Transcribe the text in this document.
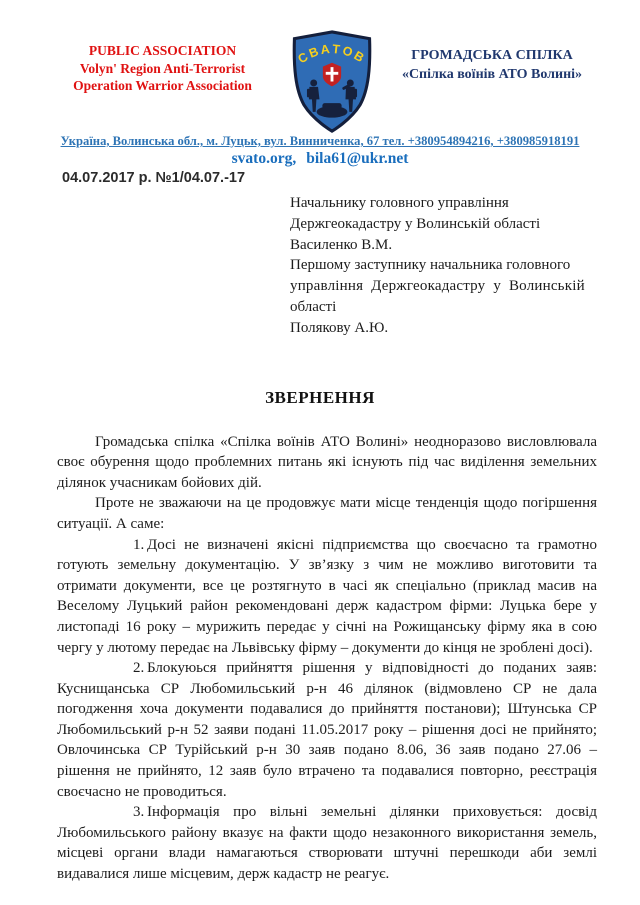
PUBLIC ASSOCIATION
Volyn' Region Anti-Terrorist
Operation Warrior Association
СВАТОВ	ГРОМАДСЬКА СПІЛКА
«Спілка воїнів АТО Волині»
Україна, Волинська обл., м. Луцьк, вул. Винниченка, 67 тел. +380954894216, +380985918191
svato.org, bila61@ukr.net
04.07.2017 р. №1/04.07.-17
Начальнику головного управління
Держгеокадастру у Волинській області
Василенко В.М.
Першому заступнику начальника головного
управління Держгеокадастру у Волинській
області
Полякову А.Ю.
ЗВЕРНЕННЯ

Громадська спілка «Спілка воїнів АТО Волині» неодноразово висловлювала своє обурення щодо проблемних питань які існують під час виділення земельних ділянок учасникам бойових дій.

Проте не зважаючи на це продовжує мати місце тенденція щодо погіршення ситуації. А саме:

1. Досі не визначені якісні підприємства що своєчасно та грамотно готують земельну документацію. У зв’язку з чим не можливо виготовити та отримати документи, все це розтягнуто в часі як спеціально (приклад масив на Веселому Луцький район рекомендовані держ кадастром фірми: Луцька бере у листопаді 16 року – мурижить передає у січні на Рожищанську фірму яка в сою чергу у лютому передає на Львівську фірму – документи до кінця не зроблені досі).

2. Блокуюься прийняття рішення у відповідності до поданих заяв: Куснищанська СР Любомильський р-н 46 ділянок (відмовлено СР не дала погодження хоча документи подавалися до прийняття постанови); Штунська СР Любомильський р-н 52 заяви подані 11.05.2017 року – рішення досі не прийнято; Овлочинська СР Турійський р-н 30 заяв подано 8.06, 36 заяв подано 27.06 – рішення не прийнято, 12 заяв було втрачено та подавалися повторно, реєстрація своєчасно не проводиться.

3. Інформація про вільні земельні ділянки приховується: досвід Любомильського району вказує на факти щодо незаконного використання земель, місцеві органи влади намагаються створювати штучні перешкоди аби землі видавалися лише місцевим, держ кадастр не реагує.
